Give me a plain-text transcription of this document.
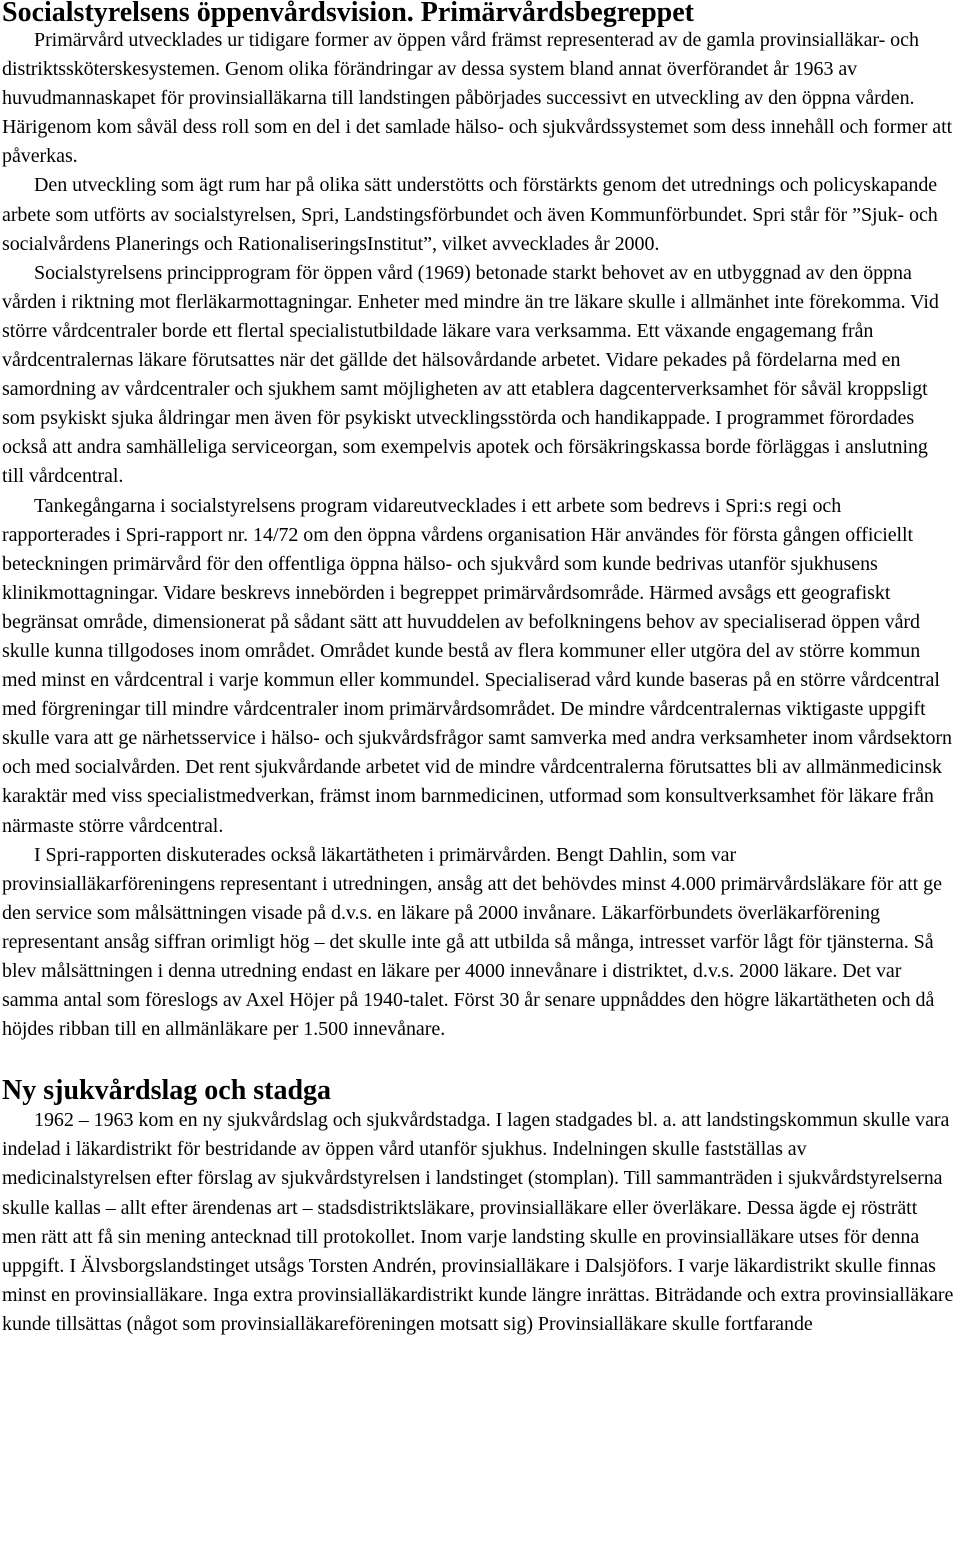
Socialstyrelsens öppenvårdsvision. Primärvårdsbegreppet

Primärvård utvecklades ur tidigare former av öppen vård främst representerad av de gamla provinsialläkar- och distriktssköterskesystemen. Genom olika förändringar av dessa system bland annat överförandet år 1963 av huvudmannaskapet för provinsialläkarna till landstingen påbörjades successivt en utveckling av den öppna vården. Härigenom kom såväl dess roll som en del i det samlade hälso- och sjukvårdssystemet som dess innehåll och former att påverkas.

Den utveckling som ägt rum har på olika sätt understötts och förstärkts genom det utrednings och policyskapande arbete som utförts av socialstyrelsen, Spri, Landstingsförbundet och även Kommunförbundet. Spri står för ”Sjuk- och socialvårdens Planerings och RationaliseringsInstitut”, vilket avvecklades år 2000.

Socialstyrelsens principprogram för öppen vård (1969) betonade starkt behovet av en utbyggnad av den öppna vården i riktning mot flerläkarmottagningar. Enheter med mindre än tre läkare skulle i allmänhet inte förekomma. Vid större vårdcentraler borde ett flertal specialistutbildade läkare vara verksamma. Ett växande engagemang från vårdcentralernas läkare förutsattes när det gällde det hälsovårdande arbetet. Vidare pekades på fördelarna med en samordning av vårdcentraler och sjukhem samt möjligheten av att etablera dagcenterverksamhet för såväl kroppsligt som psykiskt sjuka åldringar men även för psykiskt utvecklingsstörda och handikappade. I programmet förordades också att andra samhälleliga serviceorgan, som exempelvis apotek och försäkringskassa borde förläggas i anslutning till vårdcentral.

Tankegångarna i socialstyrelsens program vidareutvecklades i ett arbete som bedrevs i Spri:s regi och rapporterades i Spri-rapport nr. 14/72 om den öppna vårdens organisation Här användes för första gången officiellt beteckningen primärvård för den offentliga öppna hälso- och sjukvård som kunde bedrivas utanför sjukhusens klinikmottagningar. Vidare beskrevs innebörden i begreppet primärvårdsområde. Härmed avsågs ett geografiskt begränsat område, dimensionerat på sådant sätt att huvuddelen av befolkningens behov av specialiserad öppen vård skulle kunna tillgodoses inom området. Området kunde bestå av flera kommuner eller utgöra del av större kommun med minst en vårdcentral i varje kommun eller kommundel. Specialiserad vård kunde baseras på en större vårdcentral med förgreningar till mindre vårdcentraler inom primärvårdsområdet. De mindre vårdcentralernas viktigaste uppgift skulle vara att ge närhetsservice i hälso- och sjukvårdsfrågor samt samverka med andra verksamheter inom vårdsektorn och med socialvården. Det rent sjukvårdande arbetet vid de mindre vårdcentralerna förutsattes bli av allmänmedicinsk karaktär med viss specialistmedverkan, främst inom barnmedicinen, utformad som konsultverksamhet för läkare från närmaste större vårdcentral.

I Spri-rapporten diskuterades också läkartätheten i primärvården. Bengt Dahlin, som var provinsialläkarföreningens representant i utredningen, ansåg att det behövdes minst 4.000 primärvårdsläkare för att ge den service som målsättningen visade på d.v.s. en läkare på 2000 invånare. Läkarförbundets överläkarförening representant ansåg siffran orimligt hög – det skulle inte gå att utbilda så många, intresset varför lågt för tjänsterna. Så blev målsättningen i denna utredning endast en läkare per 4000 innevånare i distriktet, d.v.s. 2000 läkare. Det var samma antal som föreslogs av Axel Höjer på 1940-talet. Först 30 år senare uppnåddes den högre läkartätheten och då höjdes ribban till en allmänläkare per 1.500 innevånare.

Ny sjukvårdslag och stadga

1962 – 1963 kom en ny sjukvårdslag och sjukvårdstadga. I lagen stadgades bl. a. att landstingskommun skulle vara indelad i läkardistrikt för bestridande av öppen vård utanför sjukhus. Indelningen skulle fastställas av medicinalstyrelsen efter förslag av sjukvårdstyrelsen i landstinget (stomplan). Till sammanträden i sjukvårdstyrelserna skulle kallas – allt efter ärendenas art – stadsdistriktsläkare, provinsialläkare eller överläkare. Dessa ägde ej rösträtt men rätt att få sin mening antecknad till protokollet. Inom varje landsting skulle en provinsialläkare utses för denna uppgift. I Älvsborgslandstinget utsågs Torsten Andrén, provinsialläkare i Dalsjöfors. I varje läkardistrikt skulle finnas minst en provinsialläkare. Inga extra provinsialläkardistrikt kunde längre inrättas. Biträdande och extra provinsialläkare kunde tillsättas (något som provinsialläkareföreningen motsatt sig) Provinsialläkare skulle fortfarande
